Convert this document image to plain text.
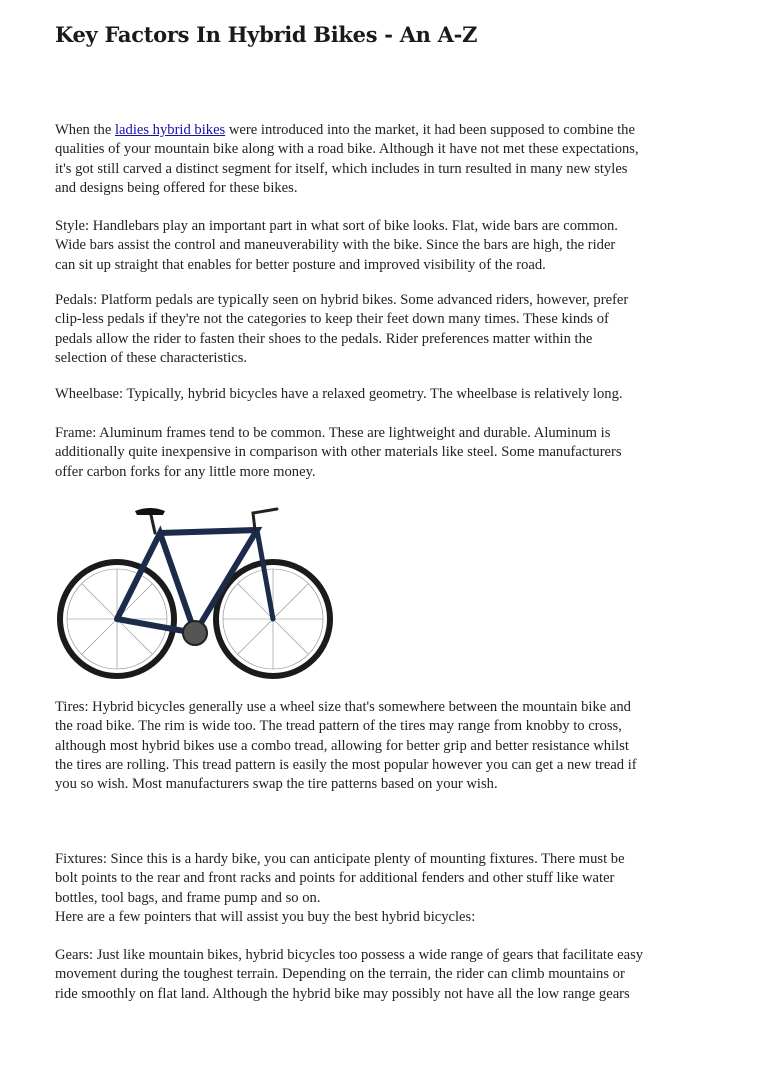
Key Factors In Hybrid Bikes - An A-Z

When the ladies hybrid bikes were introduced into the market, it had been supposed to combine the
qualities of your mountain bike along with a road bike. Although it have not met these expectations,
it's got still carved a distinct segment for itself, which includes in turn resulted in many new styles
and designs being offered for these bikes.

Style: Handlebars play an important part in what sort of bike looks. Flat, wide bars are common.
Wide bars assist the control and maneuverability with the bike. Since the bars are high, the rider
can sit up straight that enables for better posture and improved visibility of the road.

Pedals: Platform pedals are typically seen on hybrid bikes. Some advanced riders, however, prefer
clip-less pedals if they're not the categories to keep their feet down many times. These kinds of
pedals allow the rider to fasten their shoes to the pedals. Rider preferences matter within the
selection of these characteristics.

Wheelbase: Typically, hybrid bicycles have a relaxed geometry. The wheelbase is relatively long.

Frame: Aluminum frames tend to be common. These are lightweight and durable. Aluminum is
additionally quite inexpensive in comparison with other materials like steel. Some manufacturers
offer carbon forks for any little more money.

Tires: Hybrid bicycles generally use a wheel size that's somewhere between the mountain bike and
the road bike. The rim is wide too. The tread pattern of the tires may range from knobby to cross,
although most hybrid bikes use a combo tread, allowing for better grip and better resistance whilst
the tires are rolling. This tread pattern is easily the most popular however you can get a new tread if
you so wish. Most manufacturers swap the tire patterns based on your wish.

Fixtures: Since this is a hardy bike, you can anticipate plenty of mounting fixtures. There must be
bolt points to the rear and front racks and points for additional fenders and other stuff like water
bottles, tool bags, and frame pump and so on.

Here are a few pointers that will assist you buy the best hybrid bicycles:

Gears: Just like mountain bikes, hybrid bicycles too possess a wide range of gears that facilitate easy
movement during the toughest terrain. Depending on the terrain, the rider can climb mountains or
ride smoothly on flat land. Although the hybrid bike may possibly not have all the low range gears
